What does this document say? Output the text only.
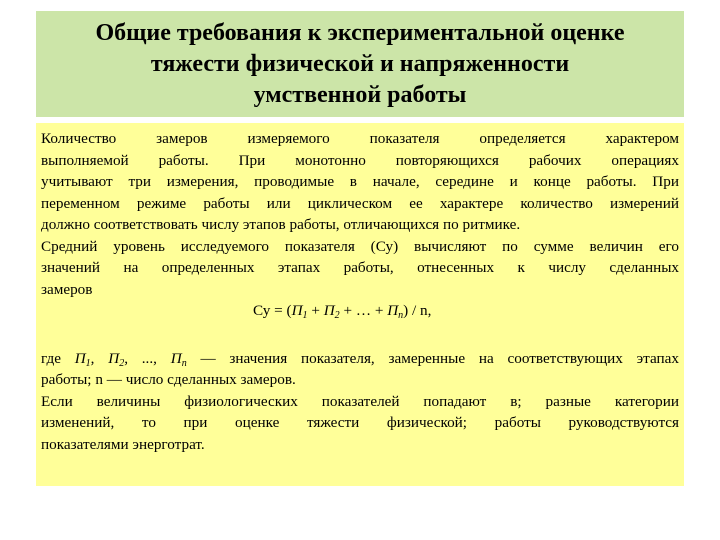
Общие требования к экспериментальной оценке
тяжести физической и напряженности
умственной работы
Количество замеров измеряемого показателя определяется характером
выполняемой работы. При монотонно повторяющихся рабочих операциях
учитывают три измерения, проводимые в начале, середине и конце работы. При
переменном режиме работы или циклическом ее характере количество измерений
должно соответствовать числу этапов работы, отличающихся по ритмике.
Средний уровень исследуемого показателя (Су) вычисляют по сумме величин его
значений на определенных этапах работы, отнесенных к числу сделанных
замеров
Су = ($П_1 + П_2$ + … + $П_n$) / n,
где $П_1$, $П_2$, ..., $П_n$ — значения показателя, замеренные на соответствующих этапах
работы; n — число сделанных замеров.
Если величины физиологических показателей попадают в; разные категории
изменений, то при оценке тяжести физической; работы руководствуются
показателями энерготрат.
